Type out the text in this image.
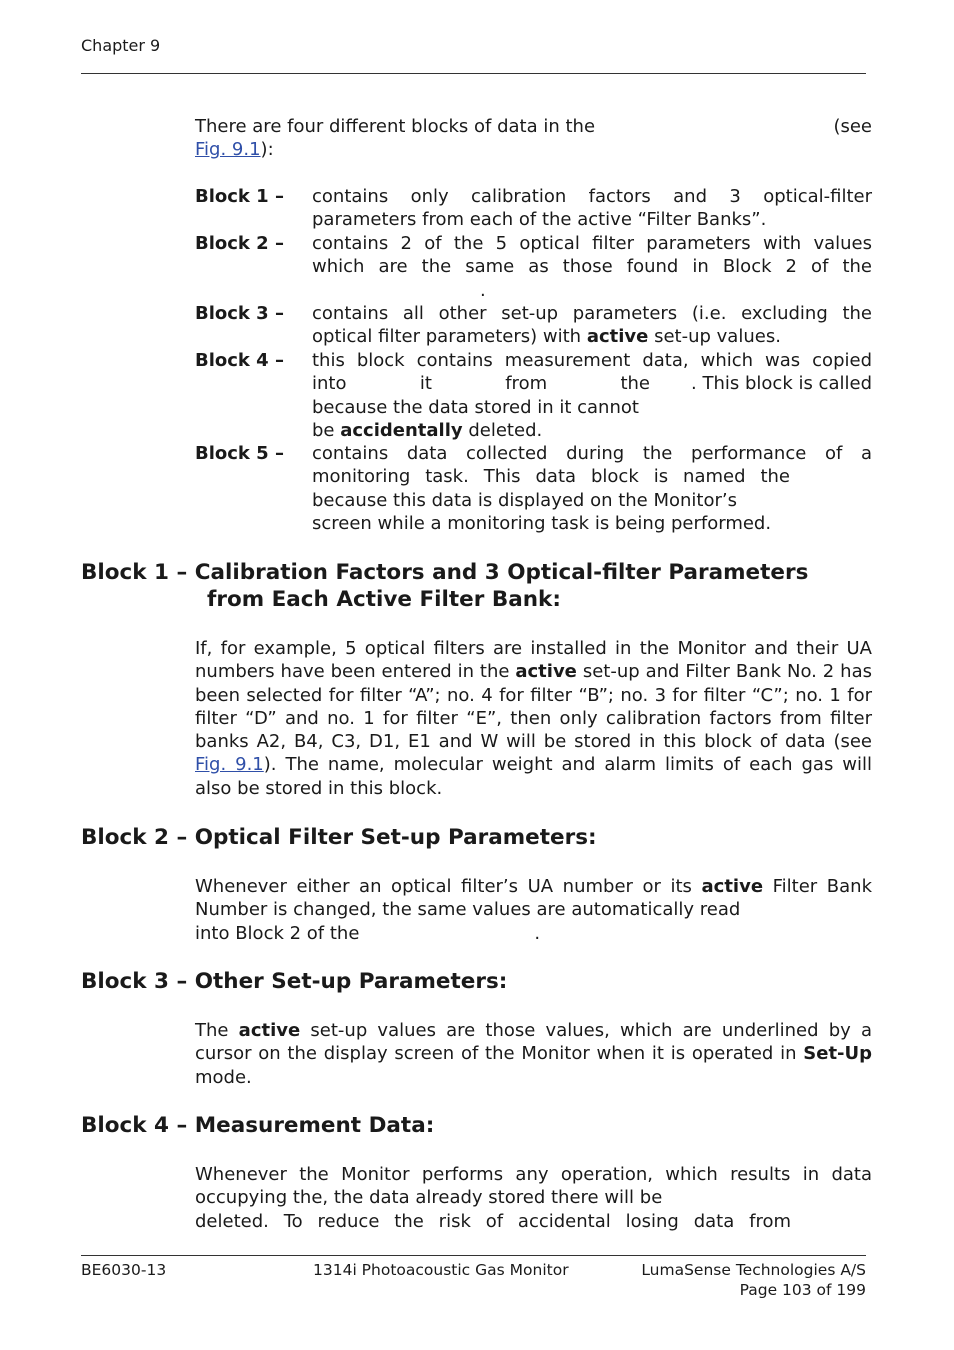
Chapter 9
There are four different blocks of data in the	(see
Fig. 9.1):
Block 1 – contains only calibration factors and 3 optical-filter parameters from each of the active “Filter Banks”.
Block 2 – contains 2 of the 5 optical filter parameters with values
which are the same as those found in Block 2 of the
.
Block 3 – contains all other set-up parameters (i.e. excluding the optical filter parameters) with active set-up values.
Block 4 – this block contains measurement data, which was copied
into it from the . This block is called
because the data stored in it cannot
be accidentally deleted.
Block 5 – contains data collected during the performance of a
monitoring task. This data block is named the
because this data is displayed on the Monitor’s
screen while a monitoring task is being performed.
Block 1 – Calibration Factors and 3 Optical-filter Parameters
from Each Active Filter Bank:
If, for example, 5 optical filters are installed in the Monitor and their UA numbers have been entered in the active set-up and Filter Bank No. 2 has been selected for filter “A”; no. 4 for filter “B”; no. 3 for filter “C”; no. 1 for filter “D” and no. 1 for filter “E”, then only calibration factors from filter banks A2, B4, C3, D1, E1 and W will be stored in this block of data (see Fig. 9.1). The name, molecular weight and alarm limits of each gas will also be stored in this block.
Block 2 – Optical Filter Set-up Parameters:
Whenever either an optical filter’s UA number or its active Filter Bank Number is changed, the same values are automatically read
into Block 2 of the	.
Block 3 – Other Set-up Parameters:
The active set-up values are those values, which are underlined by a cursor on the display screen of the Monitor when it is operated in Set-Up mode.
Block 4 – Measurement Data:
Whenever the Monitor performs any operation, which results in data
occupying the , the data already stored there will be
deleted. To reduce the risk of accidental losing data from
BE6030-13	1314i Photoacoustic Gas Monitor	LumaSense Technologies A/S
Page 103 of 199
